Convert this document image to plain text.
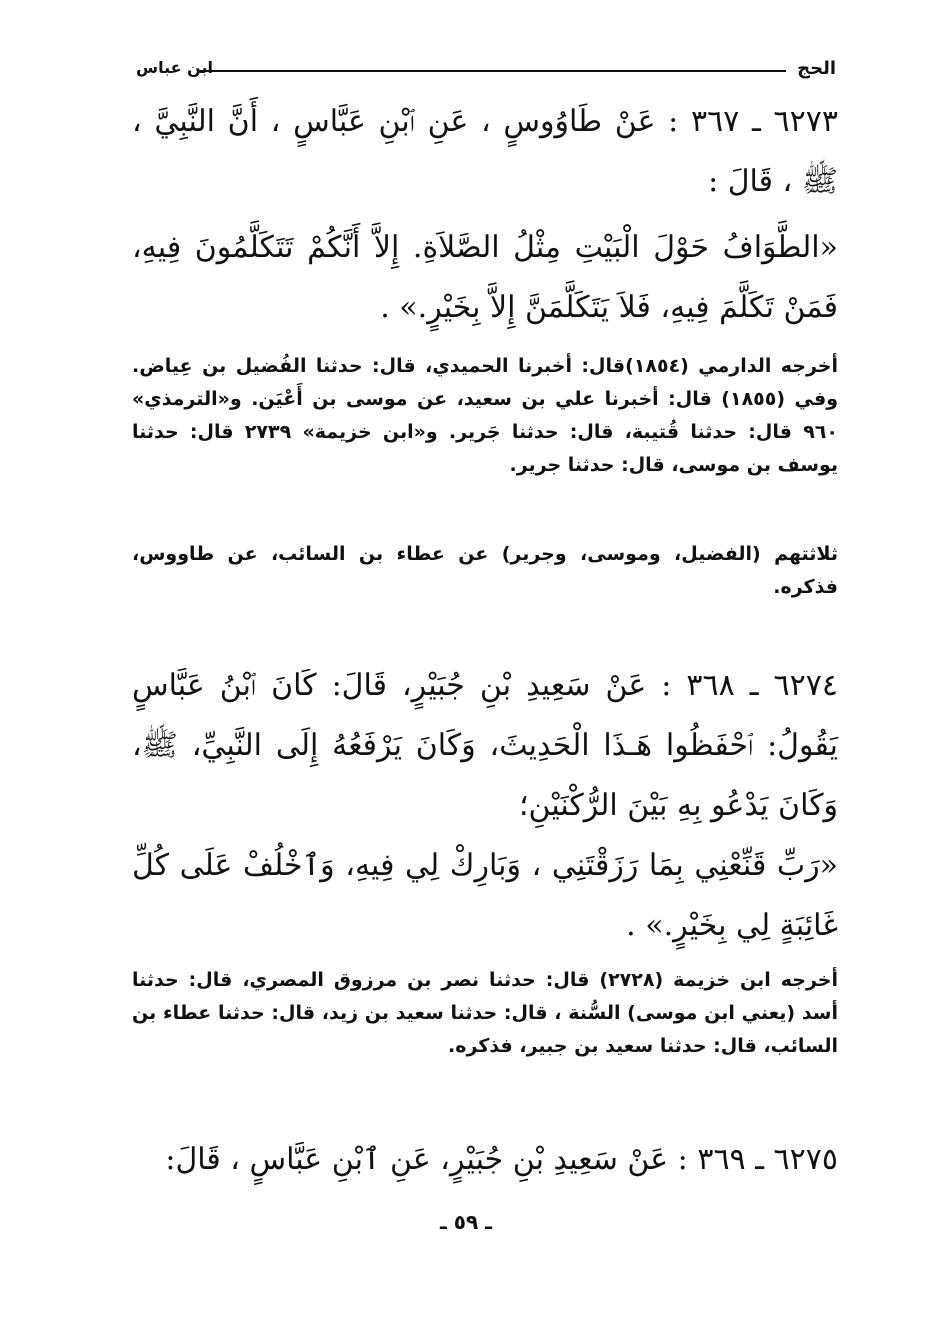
الحج
ابن عباس

٦٢٧٣ ـ ٣٦٧ : عَنْ طَاوُوسٍ ، عَنِ ٱبْنِ عَبَّاسٍ ، أَنَّ النَّبِيَّ ، ﷺ ، قَالَ :

«الطَّوَافُ حَوْلَ الْبَيْتِ مِثْلُ الصَّلاَةِ. إِلاَّ أَنَّكُمْ تَتَكَلَّمُونَ فِيهِ، فَمَنْ تَكَلَّمَ فِيهِ، فَلاَ يَتَكَلَّمَنَّ إِلاَّ بِخَيْرٍ.» .

أخرجه الدارمي (١٨٥٤)قال: أخبرنا الحميدي، قال: حدثنا الفُضيل بن عِياض. وفي (١٨٥٥) قال: أخبرنا علي بن سعيد، عن موسى بن أَعْيَن. و«الترمذي» ٩٦٠ قال: حدثنا قُتيبة، قال: حدثنا جَرير. و«ابن خزيمة» ٢٧٣٩ قال: حدثنا يوسف بن موسى، قال: حدثنا جرير.

ثلاثتهم (الفضيل، وموسى، وجرير) عن عطاء بن السائب، عن طاووس، فذكره.

٦٢٧٤ ـ ٣٦٨ : عَنْ سَعِيدِ بْنِ جُبَيْرٍ، قَالَ: كَانَ ٱبْنُ عَبَّاسٍ يَقُولُ: ٱحْفَظُوا هَـذَا الْحَدِيثَ، وَكَانَ يَرْفَعُهُ إِلَى النَّبِيِّ، ﷺ، وَكَانَ يَدْعُو بِهِ بَيْنَ الرُّكْنَيْنِ؛

«رَبِّ قَنِّعْنِي بِمَا رَزَقْتَنِي ، وَبَارِكْ لِي فِيهِ، وَٱخْلُفْ عَلَى كُلِّ غَائِبَةٍ لِي بِخَيْرٍ.» .

أخرجه ابن خزيمة (٢٧٢٨) قال: حدثنا نصر بن مرزوق المصري، قال: حدثنا أسد (يعني ابن موسى) السُّنة ، قال: حدثنا سعيد بن زيد، قال: حدثنا عطاء بن السائب، قال: حدثنا سعيد بن جبير، فذكره.

٦٢٧٥ ـ ٣٦٩ : عَنْ سَعِيدِ بْنِ جُبَيْرٍ، عَنِ ٱبْنِ عَبَّاسٍ ، قَالَ:

ـ ٥٩ ـ
